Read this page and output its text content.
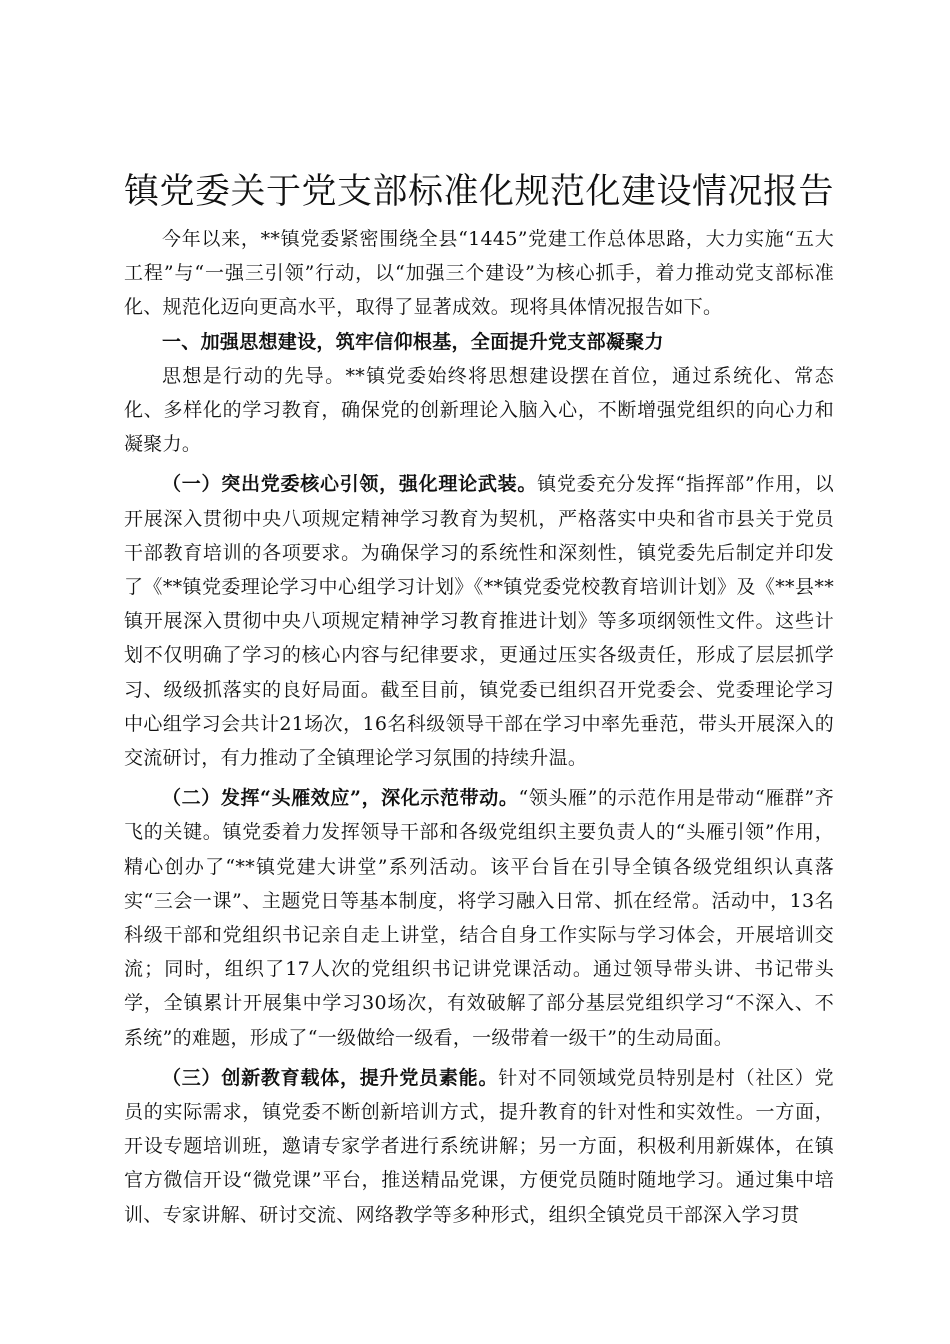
镇党委关于党支部标准化规范化建设情况报告

今年以来，**镇党委紧密围绕全县“1445”党建工作总体思路，大力实施“五大工程”与“一强三引领”行动，以“加强三个建设”为核心抓手，着力推动党支部标准化、规范化迈向更高水平，取得了显著成效。现将具体情况报告如下。

一、加强思想建设，筑牢信仰根基，全面提升党支部凝聚力

思想是行动的先导。**镇党委始终将思想建设摆在首位，通过系统化、常态化、多样化的学习教育，确保党的创新理论入脑入心，不断增强党组织的向心力和凝聚力。

（一）突出党委核心引领，强化理论武装。镇党委充分发挥“指挥部”作用，以开展深入贯彻中央八项规定精神学习教育为契机，严格落实中央和省市县关于党员干部教育培训的各项要求。为确保学习的系统性和深刻性，镇党委先后制定并印发了《**镇党委理论学习中心组学习计划》《**镇党委党校教育培训计划》及《**县**镇开展深入贯彻中央八项规定精神学习教育推进计划》等多项纲领性文件。这些计划不仅明确了学习的核心内容与纪律要求，更通过压实各级责任，形成了层层抓学习、级级抓落实的良好局面。截至目前，镇党委已组织召开党委会、党委理论学习中心组学习会共计21场次，16名科级领导干部在学习中率先垂范，带头开展深入的交流研讨，有力推动了全镇理论学习氛围的持续升温。

（二）发挥“头雁效应”，深化示范带动。“领头雁”的示范作用是带动“雁群”齐飞的关键。镇党委着力发挥领导干部和各级党组织主要负责人的“头雁引领”作用，精心创办了“**镇党建大讲堂”系列活动。该平台旨在引导全镇各级党组织认真落实“三会一课”、主题党日等基本制度，将学习融入日常、抓在经常。活动中，13名科级干部和党组织书记亲自走上讲堂，结合自身工作实际与学习体会，开展培训交流；同时，组织了17人次的党组织书记讲党课活动。通过领导带头讲、书记带头学，全镇累计开展集中学习30场次，有效破解了部分基层党组织学习“不深入、不系统”的难题，形成了“一级做给一级看，一级带着一级干”的生动局面。

（三）创新教育载体，提升党员素能。针对不同领域党员特别是村（社区）党员的实际需求，镇党委不断创新培训方式，提升教育的针对性和实效性。一方面，开设专题培训班，邀请专家学者进行系统讲解；另一方面，积极利用新媒体，在镇官方微信开设“微党课”平台，推送精品党课，方便党员随时随地学习。通过集中培训、专家讲解、研讨交流、网络教学等多种形式，组织全镇党员干部深入学习贯
